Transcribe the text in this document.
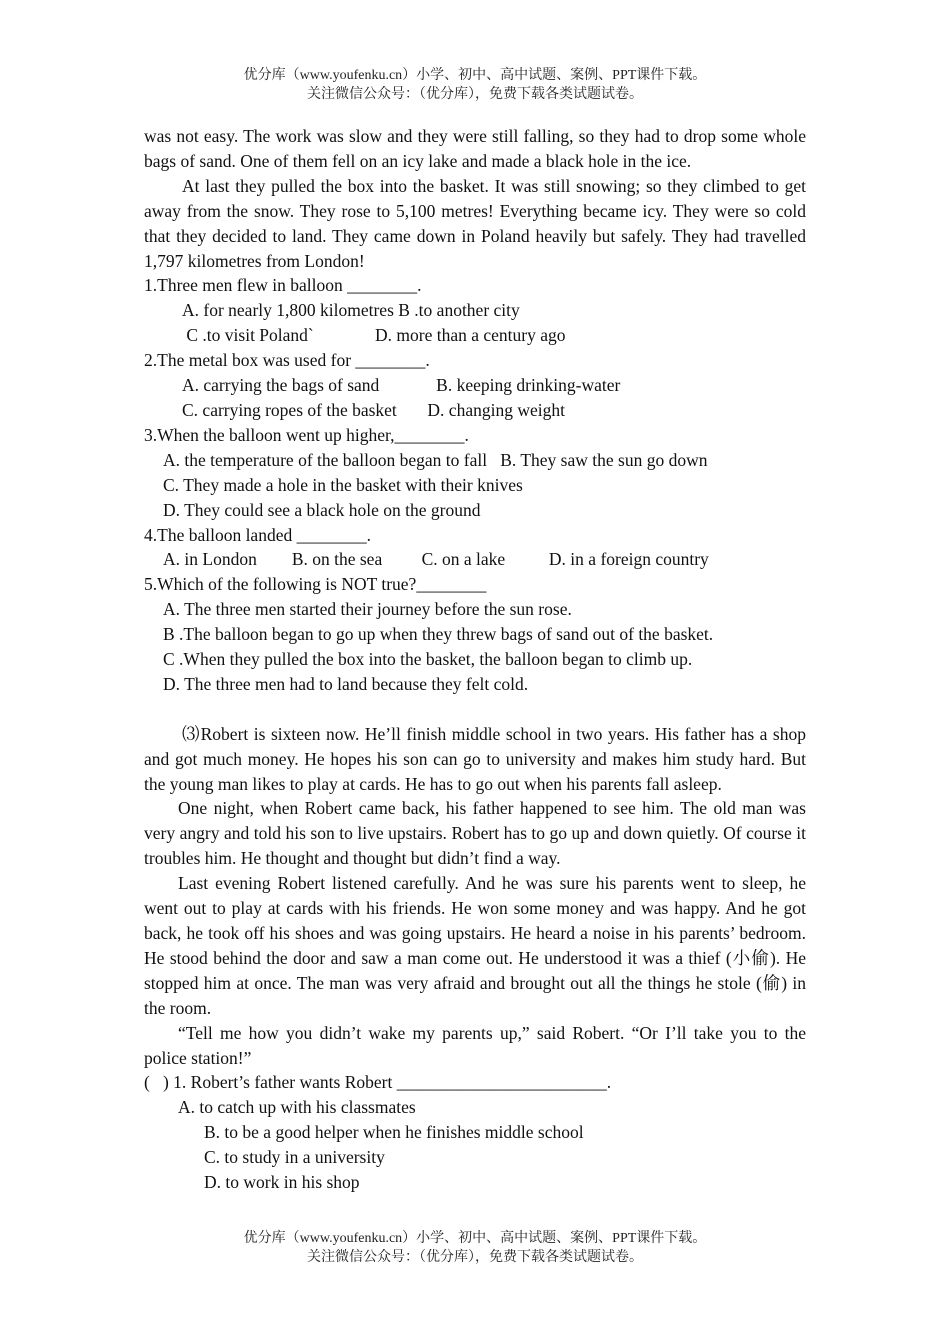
优分库（www.youfenku.cn）小学、初中、高中试题、案例、PPT课件下载。
关注微信公众号：（优分库），免费下载各类试题试卷。

was not easy. The work was slow and they were still falling, so they had to drop some whole bags of sand. One of them fell on an icy lake and made a black hole in the ice.

At last they pulled the box into the basket. It was still snowing; so they climbed to get away from the snow. They rose to 5,100 metres! Everything became icy. They were so cold that they decided to land. They came down in Poland heavily but safely. They had travelled 1,797 kilometres from London!

1.Three men flew in balloon ________.

A. for nearly 1,800 kilometres B .to another city

C .to visit Poland`              D. more than a century ago

2.The metal box was used for ________.

A. carrying the bags of sand             B. keeping drinking-water

C. carrying ropes of the basket       D. changing weight

3.When the balloon went up higher,________.

A. the temperature of the balloon began to fall   B. They saw the sun go down

C. They made a hole in the basket with their knives

D. They could see a black hole on the ground

4.The balloon landed ________.

A. in London        B. on the sea         C. on a lake          D. in a foreign country

5.Which of the following is NOT true?________

A. The three men started their journey before the sun rose.

B .The balloon began to go up when they threw bags of sand out of the basket.

C .When they pulled the box into the basket, the balloon began to climb up.

D. The three men had to land because they felt cold.

⑶Robert is sixteen now. He’ll finish middle school in two years. His father has a shop and got much money. He hopes his son can go to university and makes him study hard. But the young man likes to play at cards. He has to go out when his parents fall asleep.

One night, when Robert came back, his father happened to see him. The old man was very angry and told his son to live upstairs. Robert has to go up and down quietly. Of course it troubles him. He thought and thought but didn’t find a way.

Last evening Robert listened carefully. And he was sure his parents went to sleep, he went out to play at cards with his friends. He won some money and was happy. And he got back, he took off his shoes and was going upstairs. He heard a noise in his parents’ bedroom. He stood behind the door and saw a man come out. He understood it was a thief (小偷). He stopped him at once. The man was very afraid and brought out all the things he stole (偷) in the room.

“Tell me how you didn’t wake my parents up,” said Robert. “Or I’ll take you to the police station!”

(   ) 1. Robert’s father wants Robert ________________________.

A. to catch up with his classmates

B. to be a good helper when he finishes middle school

C. to study in a university

D. to work in his shop

优分库（www.youfenku.cn）小学、初中、高中试题、案例、PPT课件下载。
关注微信公众号：（优分库），免费下载各类试题试卷。
